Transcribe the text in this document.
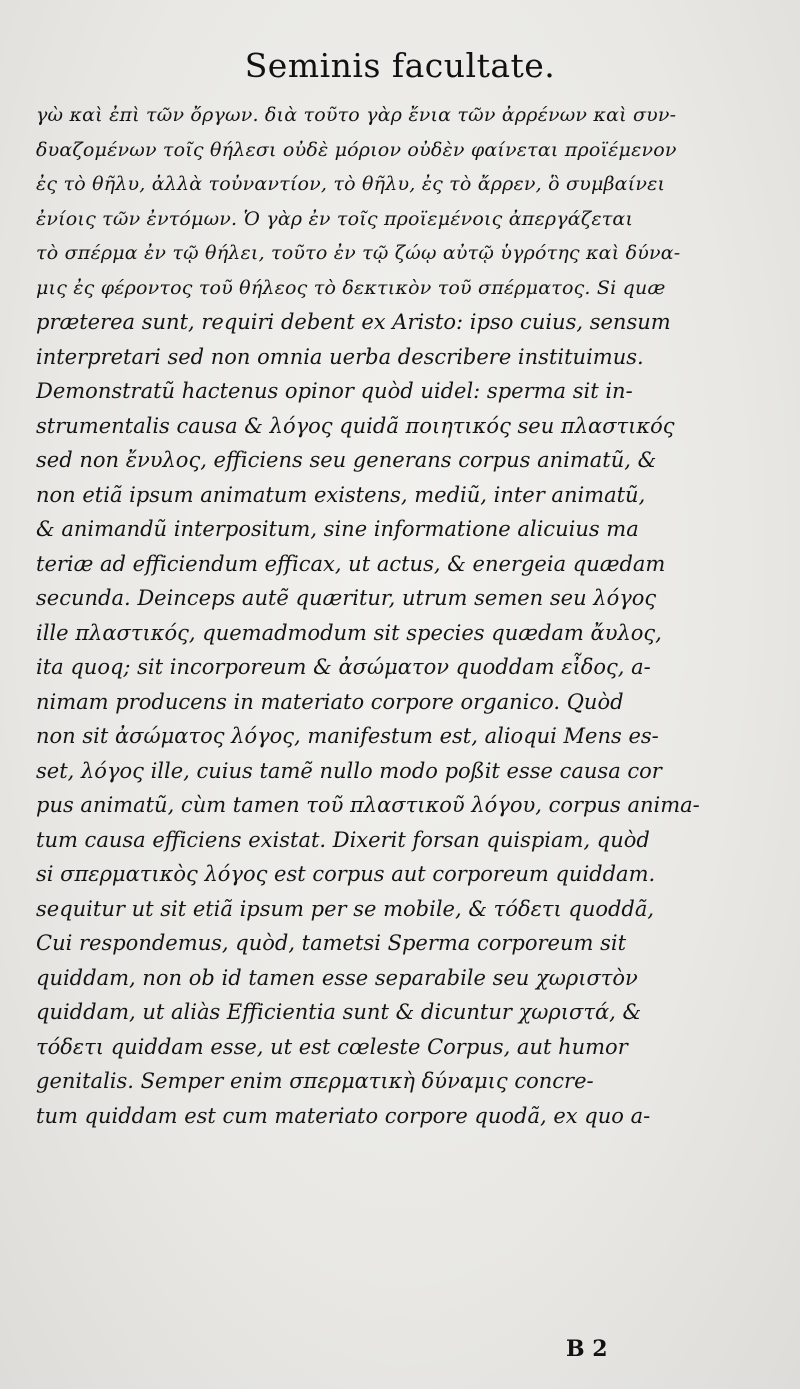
Seminis facultate.
γὼ καὶ ἐπὶ τῶν ὄργων. διὰ τοῦτο γὰρ ἔνια τῶν ἀρρένων καὶ συν-
δυαζομένων τοῖς θήλεσι οὐδὲ μόριον οὐδὲν φαίνεται προϊέμενον
ἐς τὸ θῆλυ, ἀλλὰ τοὐναντίον, τὸ θῆλυ, ἐς τὸ ἄρρεν, ὃ συμβαίνει
ἐνίοις τῶν ἐντόμων. Ὁ γὰρ ἐν τοῖς προϊεμένοις ἀπεργάζεται
τὸ σπέρμα ἐν τῷ θήλει, τοῦτο ἐν τῷ ζώῳ αὐτῷ ὑγρότης καὶ δύνα-
μις ἐς φέροντος τοῦ θήλεος τὸ δεκτικὸν τοῦ σπέρματος. Si quæ
præterea sunt, requiri debent ex Aristo: ipso cuius, sensum
interpretari sed non omnia uerba describere instituimus.
Demonstratũ hactenus opinor quòd uidel: sperma sit in-
strumentalis causa & λόγος quidã ποιητικός seu πλαστικός
sed non ἔνυλος, efficiens seu generans corpus animatũ, &
non etiã ipsum animatum existens, mediũ, inter animatũ,
& animandũ interpositum, sine informatione alicuius ma
teriæ ad efficiendum efficax, ut actus, & energeia quædam
secunda. Deinceps autẽ quæritur, utrum semen seu λόγος
ille πλαστικός, quemadmodum sit species quædam ἄυλος,
ita quoq; sit incorporeum & ἀσώματον quoddam εἶδος, a-
nimam producens in materiato corpore organico. Quòd
non sit ἀσώματος λόγος, manifestum est, alioqui Mens es-
set, λόγος ille, cuius tamẽ nullo modo poßit esse causa cor
pus animatũ, cùm tamen τοῦ πλαστικοῦ λόγου, corpus anima-
tum causa efficiens existat. Dixerit forsan quispiam, quòd
si σπερματικὸς λόγος est corpus aut corporeum quiddam.
sequitur ut sit etiã ipsum per se mobile, & τόδετι quoddã,
Cui respondemus, quòd, tametsi Sperma corporeum sit
quiddam, non ob id tamen esse separabile seu χωριστὸν
quiddam, ut aliàs Efficientia sunt & dicuntur χωριστά, &
τόδετι quiddam esse, ut est cœleste Corpus, aut humor
genitalis. Semper enim σπερματικὴ δύναμις concre-
tum quiddam est cum materiato corpore quodã, ex quo a-
B 2
